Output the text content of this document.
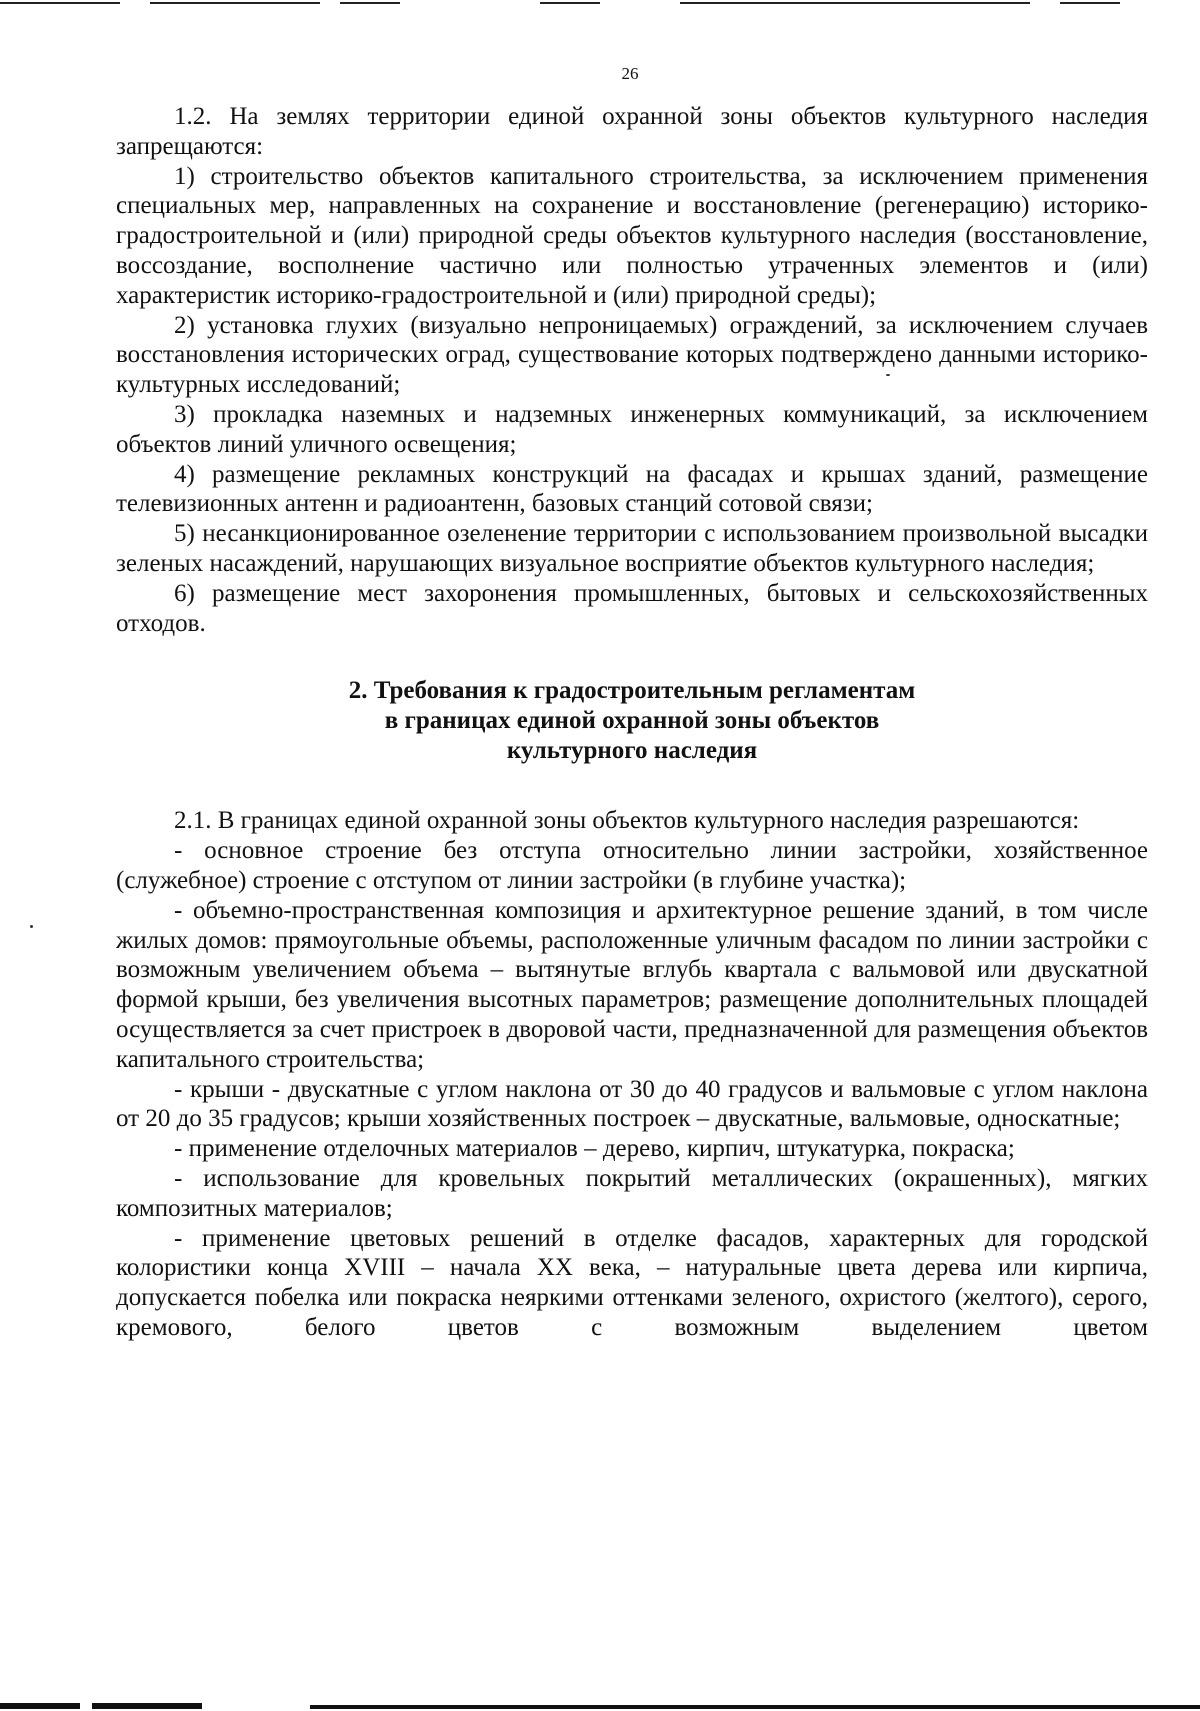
26

1.2. На землях территории единой охранной зоны объектов культурного наследия запрещаются:

1) строительство объектов капитального строительства, за исключением применения специальных мер, направленных на сохранение и восстановление (регенерацию) историко-градостроительной и (или) природной среды объектов культурного наследия (восстановление, воссоздание, восполнение частично или полностью утраченных элементов и (или) характеристик историко-градостроительной и (или) природной среды);

2) установка глухих (визуально непроницаемых) ограждений, за исключением случаев восстановления исторических оград, существование которых подтверждено данными историко-культурных исследований;

3) прокладка наземных и надземных инженерных коммуникаций, за исключением объектов линий уличного освещения;

4) размещение рекламных конструкций на фасадах и крышах зданий, размещение телевизионных антенн и радиоантенн, базовых станций сотовой связи;

5) несанкционированное озеленение территории с использованием произвольной высадки зеленых насаждений, нарушающих визуальное восприятие объектов культурного наследия;

6) размещение мест захоронения промышленных, бытовых и сельскохозяйственных отходов.

2. Требования к градостроительным регламентам
в границах единой охранной зоны объектов
культурного наследия

2.1. В границах единой охранной зоны объектов культурного наследия разрешаются:

- основное строение без отступа относительно линии застройки, хозяйственное (служебное) строение с отступом от линии застройки (в глубине участка);

- объемно-пространственная композиция и архитектурное решение зданий, в том числе жилых домов: прямоугольные объемы, расположенные уличным фасадом по линии застройки с возможным увеличением объема – вытянутые вглубь квартала с вальмовой или двускатной формой крыши, без увеличения высотных параметров; размещение дополнительных площадей осуществляется за счет пристроек в дворовой части, предназначенной для размещения объектов капитального строительства;

- крыши - двускатные с углом наклона от 30 до 40 градусов и вальмовые с углом наклона от 20 до 35 градусов; крыши хозяйственных построек – двускатные, вальмовые, односкатные;

- применение отделочных материалов – дерево, кирпич, штукатурка, покраска;

- использование для кровельных покрытий металлических (окрашенных), мягких композитных материалов;

- применение цветовых решений в отделке фасадов, характерных для городской колористики конца XVIII – начала XX века, – натуральные цвета дерева или кирпича, допускается побелка или покраска неяркими оттенками зеленого, охристого (желтого), серого, кремового, белого цветов с возможным выделением цветом
